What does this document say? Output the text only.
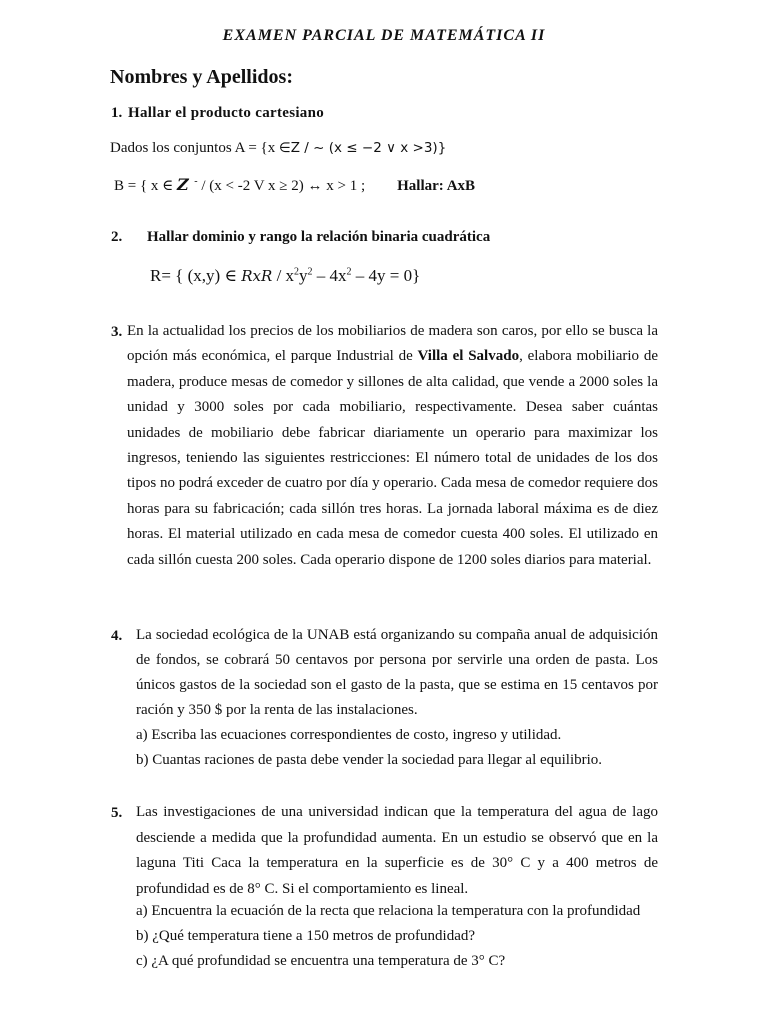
EXAMEN PARCIAL DE MATEMÁTICA II
Nombres y Apellidos:
1. Hallar el producto cartesiano
Dados los conjuntos A = {x ∈Z / ~ (x ≤ −2 ∨ x >3)}
B = { x ∈ Z - / (x < -2 V x ≥ 2) ↔ x > 1 ; Hallar: AxB
2. Hallar dominio y rango la relación binaria cuadrática
R= { (x,y) ∈ RxR / $x^2y^2 - 4x^2 - 4y = 0$}
3. En la actualidad los precios de los mobiliarios de madera son caros, por ello se busca la opción más económica, el parque Industrial de Villa el Salvado, elabora mobiliario de madera, produce mesas de comedor y sillones de alta calidad, que vende a 2000 soles la unidad y 3000 soles por cada mobiliario, respectivamente. Desea saber cuántas unidades de mobiliario debe fabricar diariamente un operario para maximizar los ingresos, teniendo las siguientes restricciones: El número total de unidades de los dos tipos no podrá exceder de cuatro por día y operario. Cada mesa de comedor requiere dos horas para su fabricación; cada sillón tres horas. La jornada laboral máxima es de diez horas. El material utilizado en cada mesa de comedor cuesta 400 soles. El utilizado en cada sillón cuesta 200 soles. Cada operario dispone de 1200 soles diarios para material.
4. La sociedad ecológica de la UNAB está organizando su compaña anual de adquisición de fondos, se cobrará 50 centavos por persona por servirle una orden de pasta. Los únicos gastos de la sociedad son el gasto de la pasta, que se estima en 15 centavos por ración y 350 $ por la renta de las instalaciones.
a) Escriba las ecuaciones correspondientes de costo, ingreso y utilidad.
b) Cuantas raciones de pasta debe vender la sociedad para llegar al equilibrio.
5. Las investigaciones de una universidad indican que la temperatura del agua de lago desciende a medida que la profundidad aumenta. En un estudio se observó que en la laguna Titi Caca la temperatura en la superficie es de 30° C y a 400 metros de profundidad es de 8° C. Si el comportamiento es lineal.
a) Encuentra la ecuación de la recta que relaciona la temperatura con la profundidad
b) ¿Qué temperatura tiene a 150 metros de profundidad?
c) ¿A qué profundidad se encuentra una temperatura de 3° C?
